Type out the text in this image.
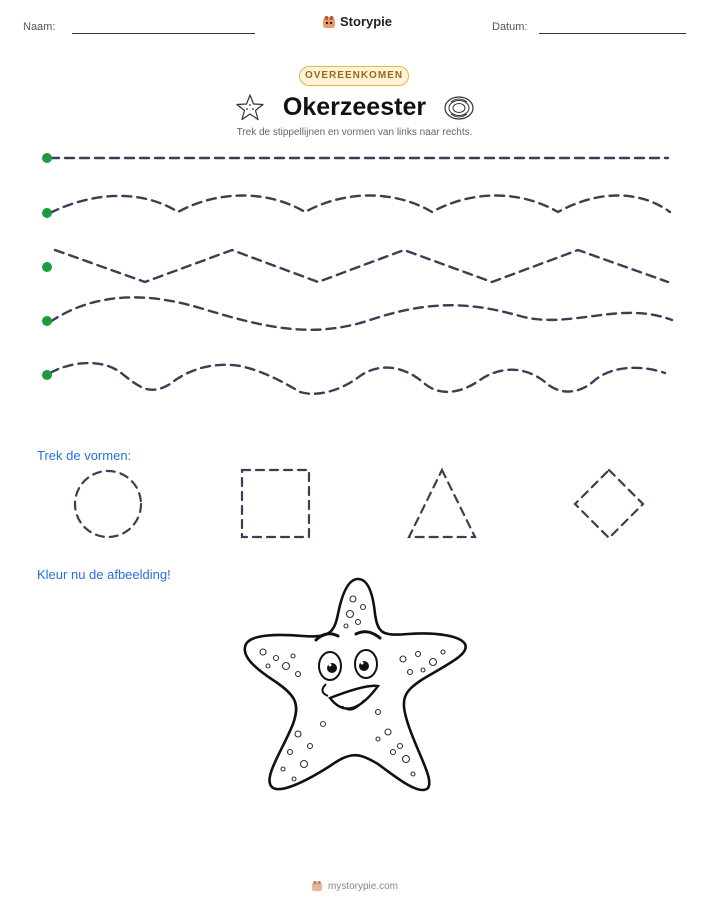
Naam:	Storypie	Datum:
OVEREENKOMEN
Okerzeester
Trek de stippellijnen en vormen van links naar rechts.
Trek de vormen:
Kleur nu de afbeelding!
mystorypie.com
